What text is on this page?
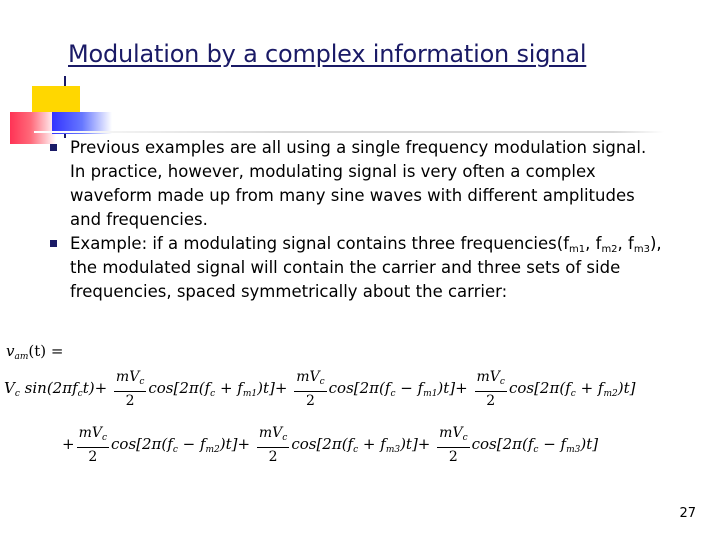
Modulation by a complex information signal
Previous examples are all using a single frequency modulation signal. In practice, however, modulating signal is very often a complex waveform made up from many sine waves with different amplitudes and frequencies.
Example: if a modulating signal contains three $frequencies(f_{m1}$, $f_{m2}$, $f_{m3}$), the modulated signal will contain the carrier and three sets of side frequencies, spaced symmetrically about the carrier:
$v_{am}(t)$ =
$V_c$ $\sin(2\pi f_ct)+ \frac{mV_c}{2} \cos[2\pi(f_c + f_{m1})t]+ \frac{mV_c}{2} \cos[2\pi(f_c - f_{m1})t]+ \frac{mV_c}{2} \cos[2\pi(f_c + f_{m2})t]$
+ $\frac{mV_c}{2} \cos[2\pi(f_c - f_{m2})t]+ \frac{mV_c}{2} \cos[2\pi(f_c + f_{m3})t]+ \frac{mV_c}{2} \cos[2\pi(f_c - f_{m3})t]$
27
